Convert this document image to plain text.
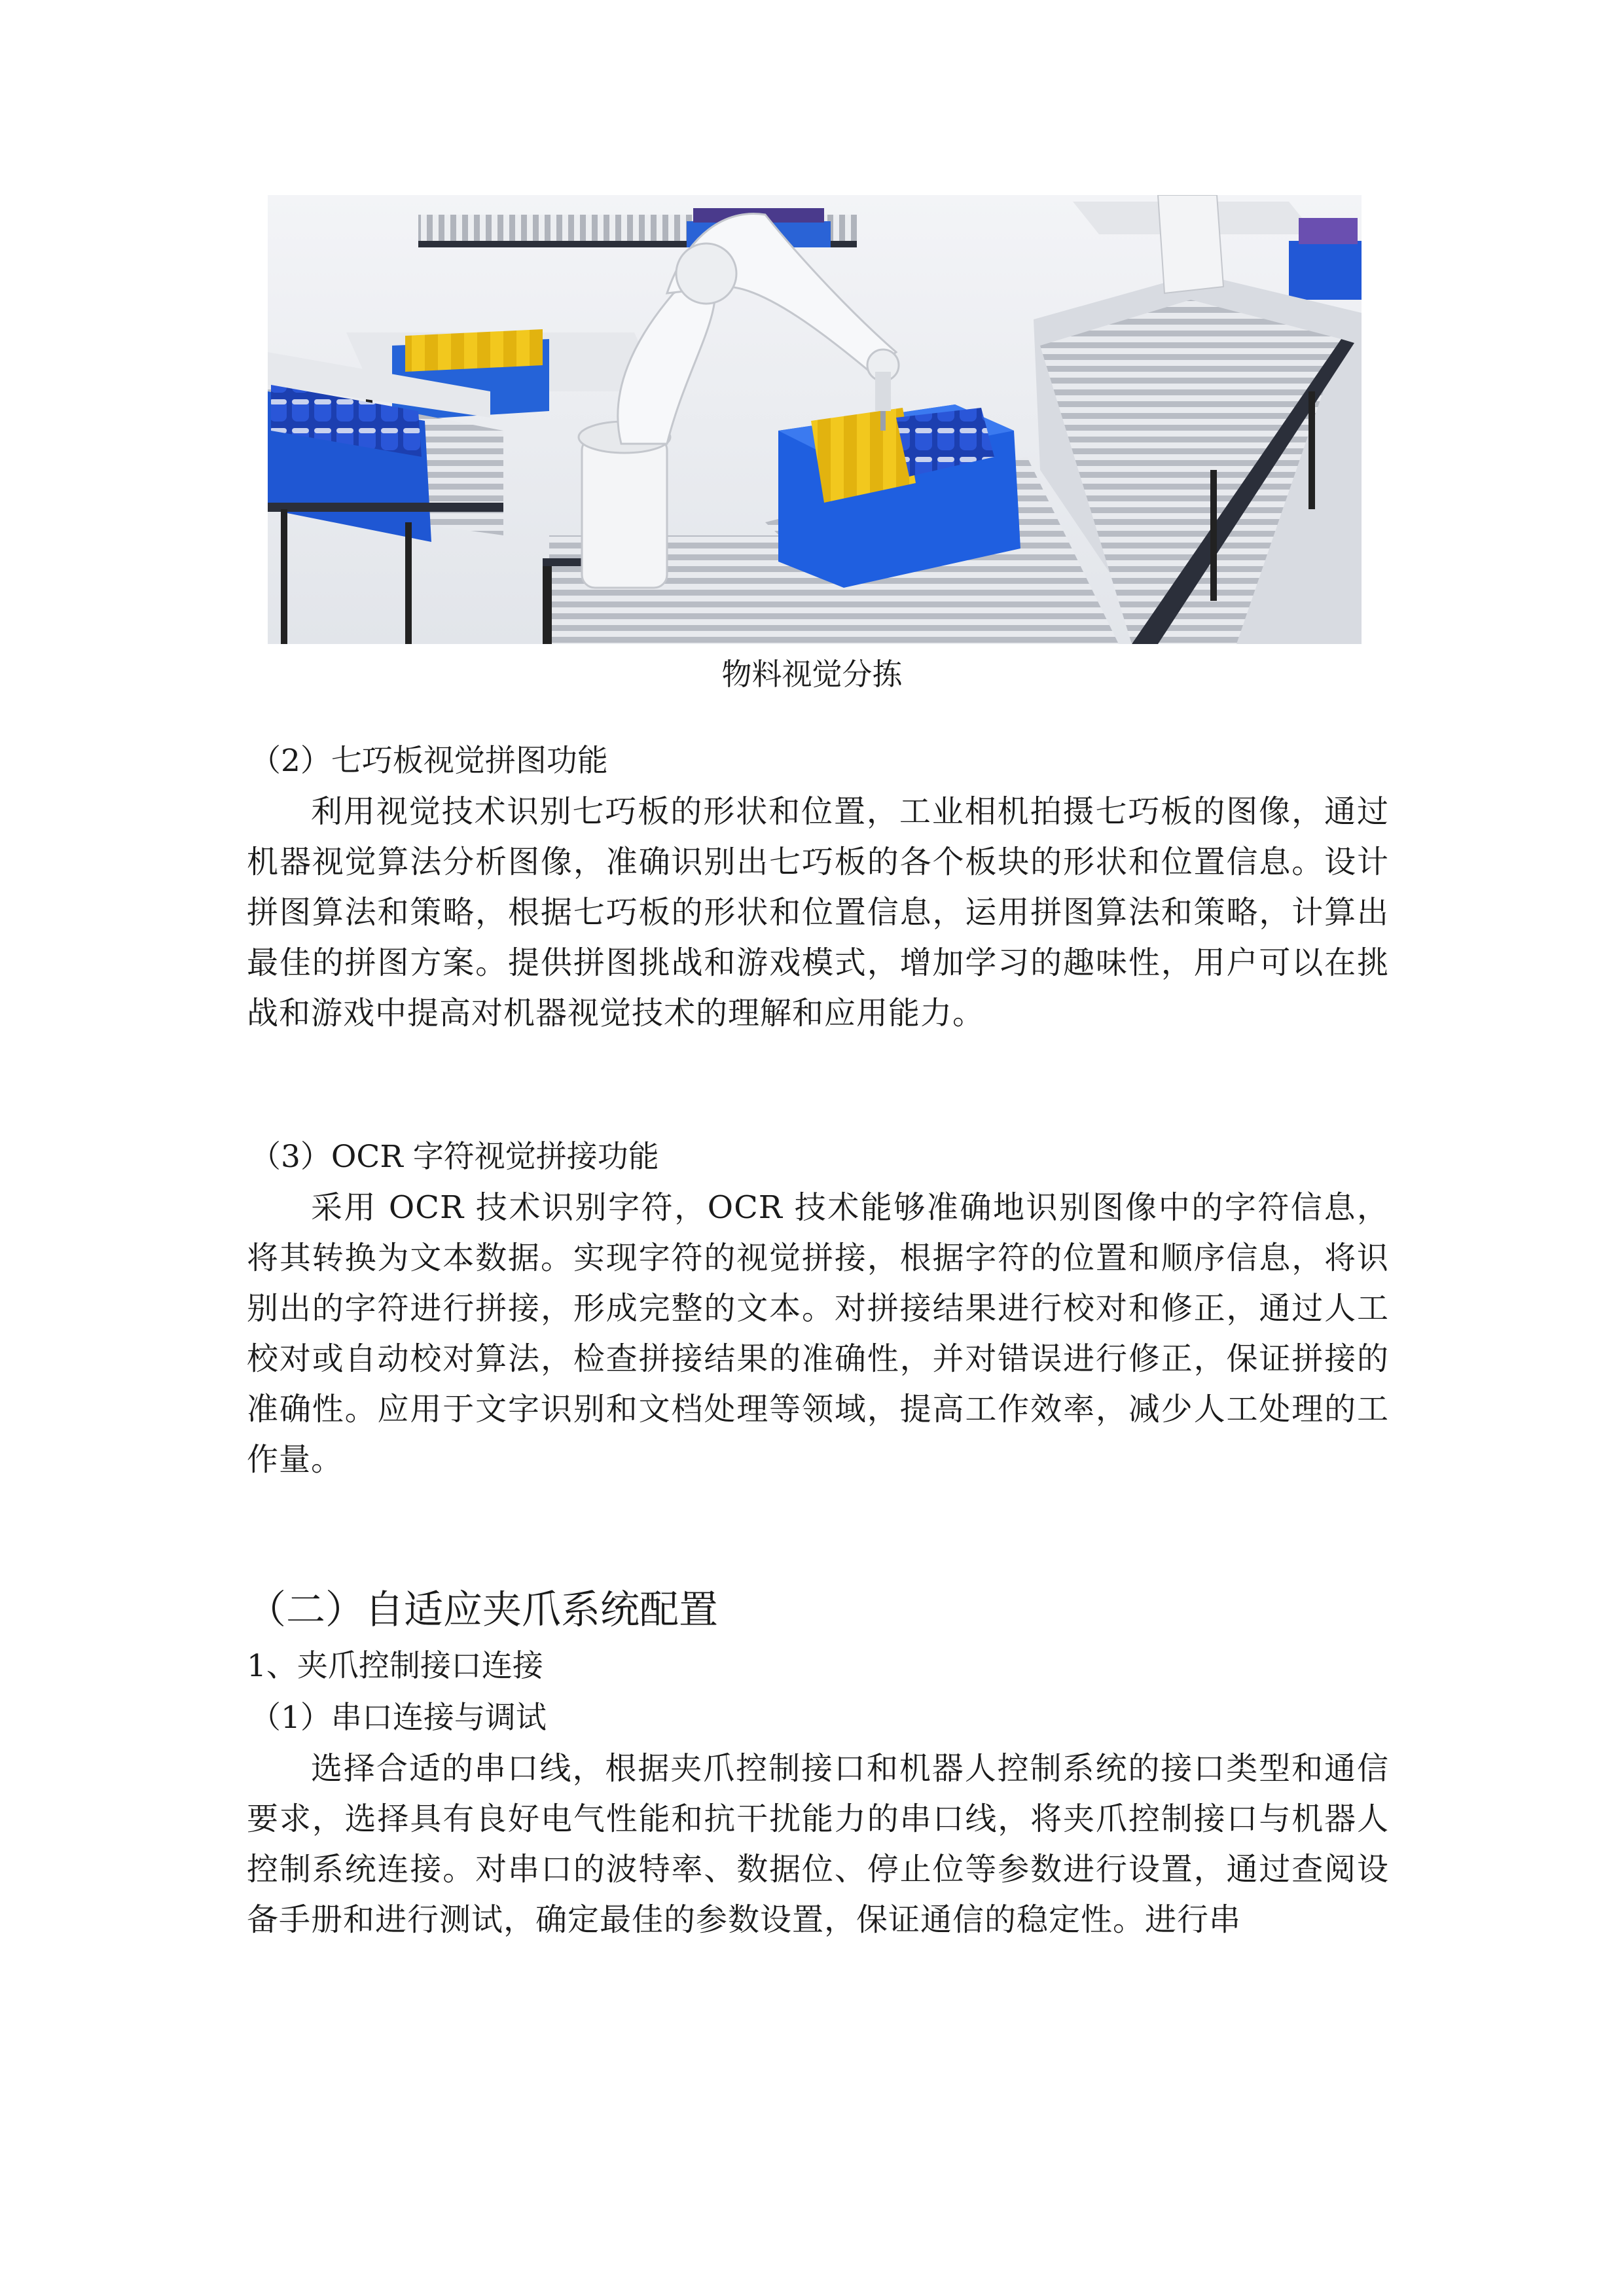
物料视觉分拣
（2）七巧板视觉拼图功能
利用视觉技术识别七巧板的形状和位置，工业相机拍摄七巧板的图像，通过机器视觉算法分析图像，准确识别出七巧板的各个板块的形状和位置信息。设计拼图算法和策略，根据七巧板的形状和位置信息，运用拼图算法和策略，计算出最佳的拼图方案。提供拼图挑战和游戏模式，增加学习的趣味性，用户可以在挑战和游戏中提高对机器视觉技术的理解和应用能力。
（3）OCR 字符视觉拼接功能
采用 OCR 技术识别字符，OCR 技术能够准确地识别图像中的字符信息，将其转换为文本数据。实现字符的视觉拼接，根据字符的位置和顺序信息，将识别出的字符进行拼接，形成完整的文本。对拼接结果进行校对和修正，通过人工校对或自动校对算法，检查拼接结果的准确性，并对错误进行修正，保证拼接的准确性。应用于文字识别和文档处理等领域，提高工作效率，减少人工处理的工作量。
（二）自适应夹爪系统配置
1、夹爪控制接口连接
（1）串口连接与调试
选择合适的串口线，根据夹爪控制接口和机器人控制系统的接口类型和通信要求，选择具有良好电气性能和抗干扰能力的串口线，将夹爪控制接口与机器人控制系统连接。对串口的波特率、数据位、停止位等参数进行设置，通过查阅设备手册和进行测试，确定最佳的参数设置，保证通信的稳定性。进行串
